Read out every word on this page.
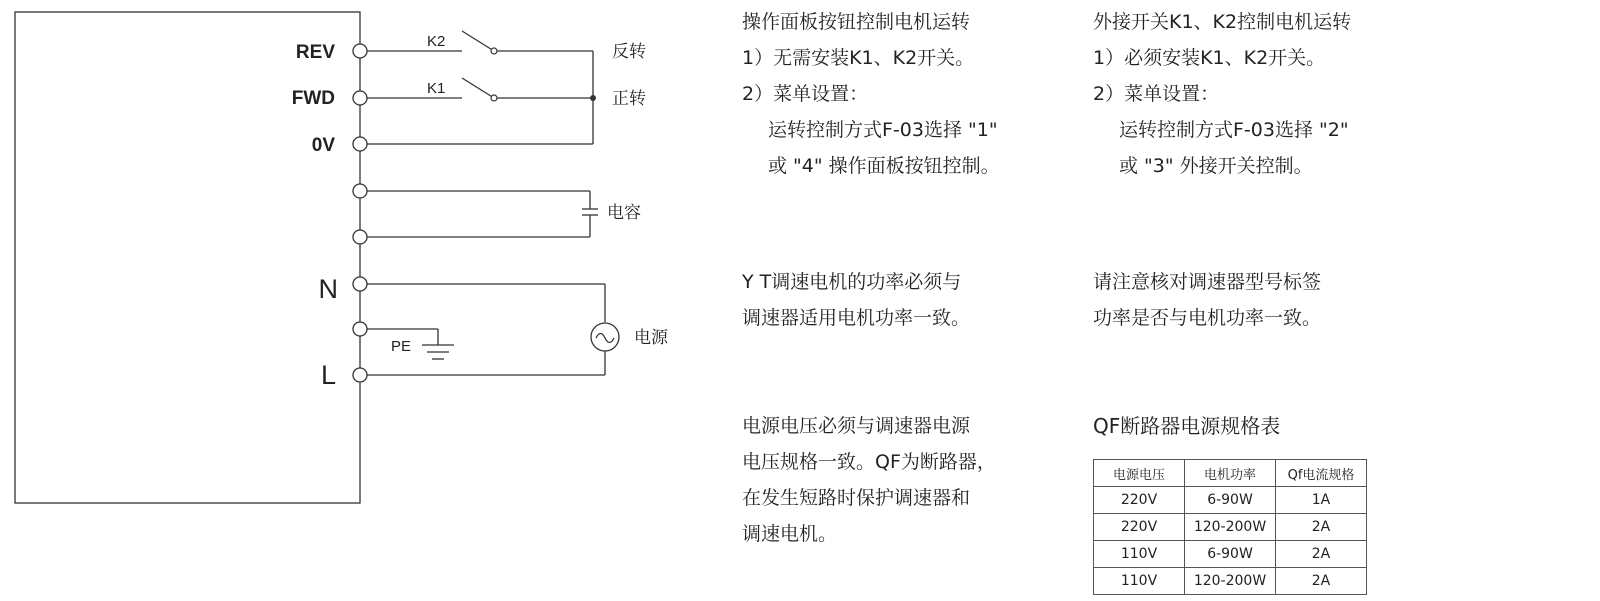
REV
FWD
0V
N
L
K2
K1
反转
正转
电容
PE	电源
操作面板按钮控制电机运转
1）无需安装K1、K2开关。
2）菜单设置：
运转控制方式F-03选择 "1"
或 "4" 操作面板按钮控制。
外接开关K1、K2控制电机运转
1）必须安装K1、K2开关。
2）菜单设置：
运转控制方式F-03选择 "2"
或 "3" 外接开关控制。
Y T调速电机的功率必须与
调速器适用电机功率一致。
请注意核对调速器型号标签
功率是否与电机功率一致。
电源电压必须与调速器电源
电压规格一致。QF为断路器，
在发生短路时保护调速器和
调速电机。
QF断路器电源规格表
电源电压	电机功率	Qf电流规格
220V	6-90W	1A
220V	120-200W	2A
110V	6-90W	2A
110V	120-200W	2A
